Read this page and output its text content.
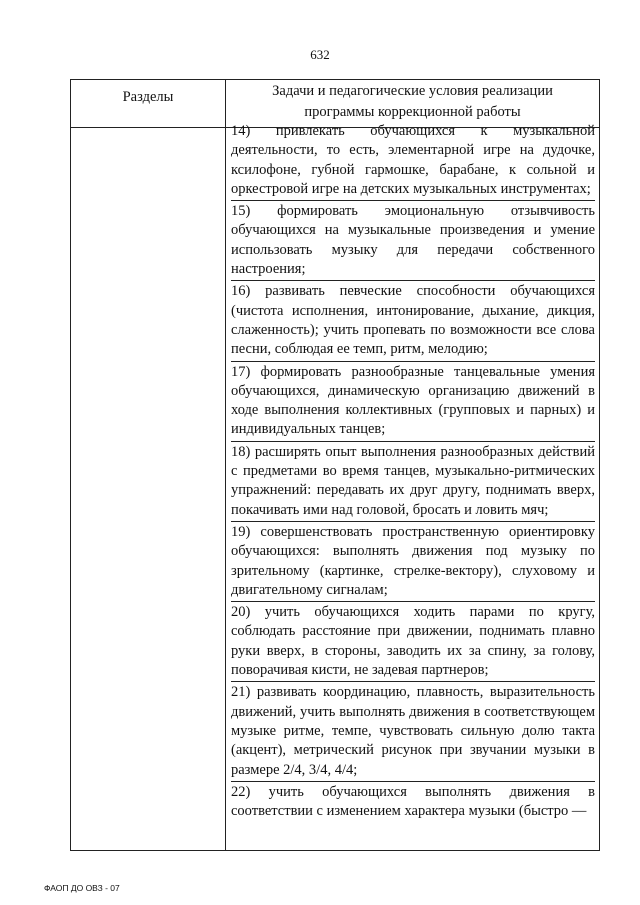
632
Разделы	Задачи и педагогические условия реализации
программы коррекционной работы

14) привлекать обучающихся к музыкальной деятельности, то есть, элементарной игре на дудочке, ксилофоне, губной гармошке, барабане, к сольной и оркестровой игре на детских музыкальных инструментах;

15) формировать эмоциональную отзывчивость обучающихся на музыкальные произведения и умение использовать музыку для передачи собственного настроения;

16) развивать певческие способности обучающихся (чистота исполнения, интонирование, дыхание, дикция, слаженность); учить пропевать по возможности все слова песни, соблюдая ее темп, ритм, мелодию;

17) формировать разнообразные танцевальные умения обучающихся, динамическую организацию движений в ходе выполнения коллективных (групповых и парных) и индивидуальных танцев;

18) расширять опыт выполнения разнообразных действий с предметами во время танцев, музыкально-ритмических упражнений: передавать их друг другу, поднимать вверх, покачивать ими над головой, бросать и ловить мяч;

19) совершенствовать пространственную ориентировку обучающихся: выполнять движения под музыку по зрительному (картинке, стрелке-вектору), слуховому и двигательному сигналам;

20) учить обучающихся ходить парами по кругу, соблюдать расстояние при движении, поднимать плавно руки вверх, в стороны, заводить их за спину, за голову, поворачивая кисти, не задевая партнеров;

21) развивать координацию, плавность, выразительность движений, учить выполнять движения в соответствующем музыке ритме, темпе, чувствовать сильную долю такта (акцент), метрический рисунок при звучании музыки в размере 2/4, 3/4, 4/4;

22) учить обучающихся выполнять движения в соответствии с изменением характера музыки (быстро —

ФАОП ДО ОВЗ - 07
